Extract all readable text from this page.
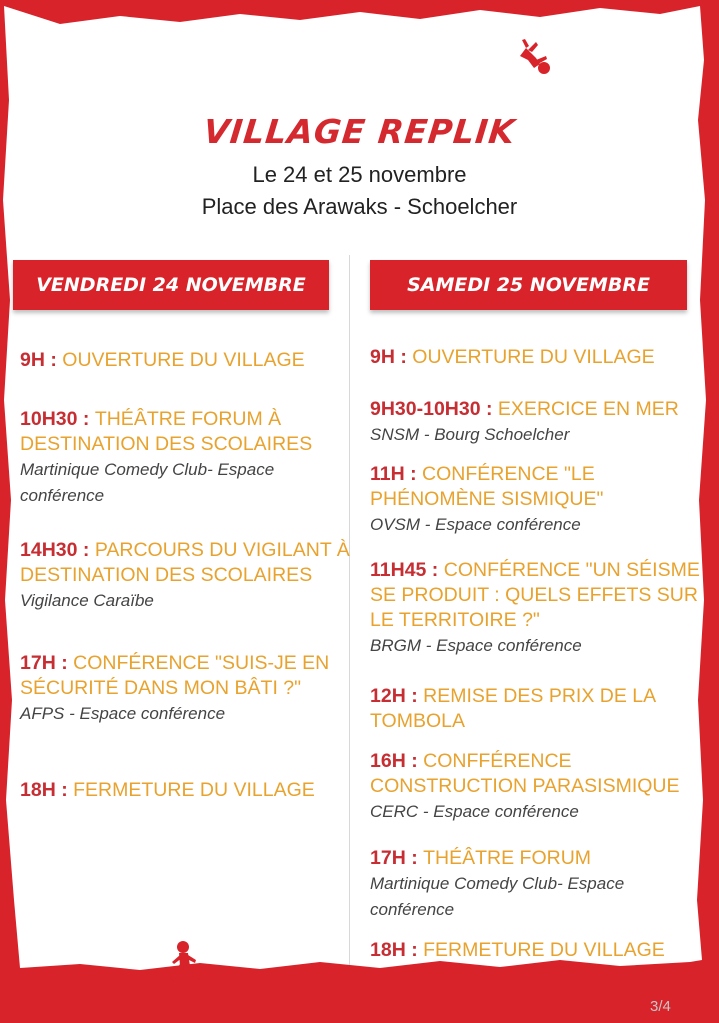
VILLAGE REPLIK
Le 24 et 25 novembre
Place des Arawaks - Schoelcher
VENDREDI 24 NOVEMBRE	SAMEDI 25 NOVEMBRE
9H : OUVERTURE DU VILLAGE
10H30 : THÉÂTRE FORUM À DESTINATION DES SCOLAIRES
Martinique Comedy Club- Espace conférence
14H30 : PARCOURS DU VIGILANT À DESTINATION DES SCOLAIRES
Vigilance Caraïbe
17H : CONFÉRENCE "SUIS-JE EN SÉCURITÉ DANS MON BÂTI ?"
AFPS - Espace conférence
18H : FERMETURE DU VILLAGE
9H : OUVERTURE DU VILLAGE
9H30-10H30 : EXERCICE EN MER
SNSM - Bourg Schoelcher
11H : CONFÉRENCE "LE PHÉNOMÈNE SISMIQUE"
OVSM - Espace conférence
11H45 : CONFÉRENCE "UN SÉISME SE PRODUIT : QUELS EFFETS SUR LE TERRITOIRE ?"
BRGM - Espace conférence
12H : REMISE DES PRIX DE LA TOMBOLA
16H : CONFFÉRENCE CONSTRUCTION PARASISMIQUE
CERC - Espace conférence
17H : THÉÂTRE FORUM
Martinique Comedy Club- Espace conférence
18H : FERMETURE DU VILLAGE
3/4
